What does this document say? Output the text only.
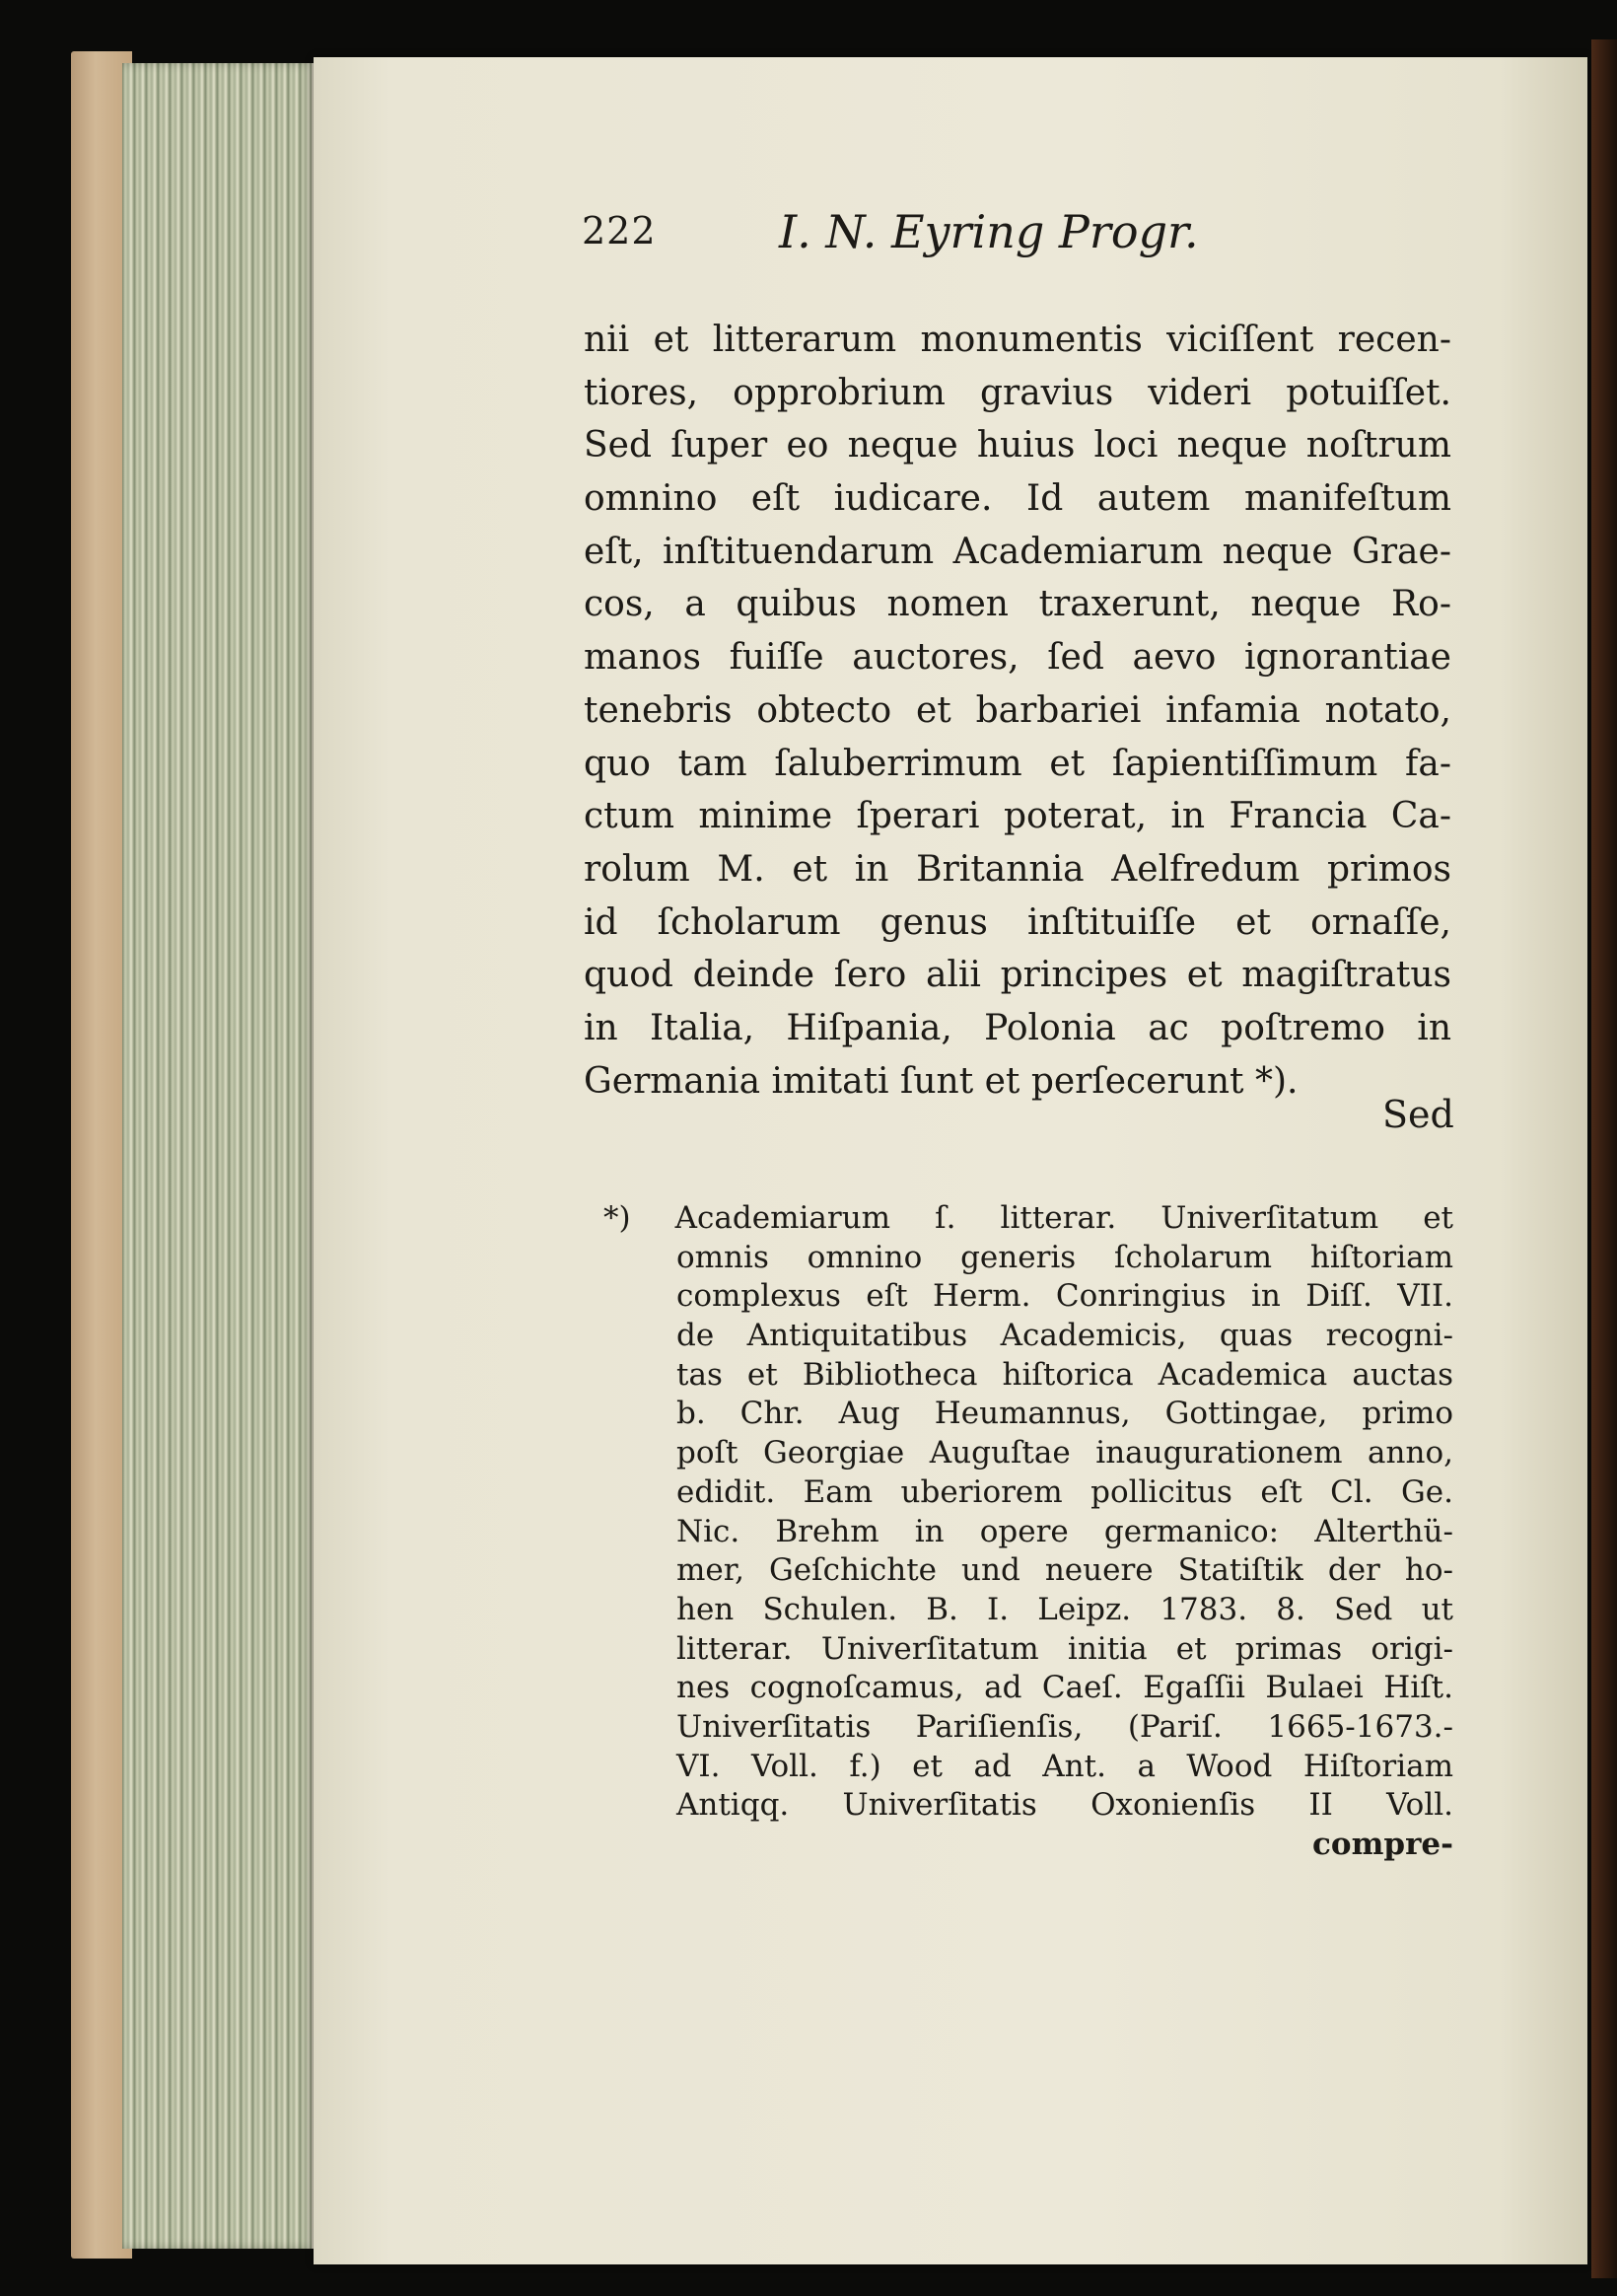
222	I. N. Eyring Progr.
nii et litterarum monumentis viciſſent recen-
tiores, opprobrium gravius videri potuiſſet.
Sed ſuper eo neque huius loci neque noſtrum
omnino eſt iudicare. Id autem manifeſtum
eſt, inſtituendarum Academiarum neque Grae-
cos, a quibus nomen traxerunt, neque Ro-
manos fuiſſe auctores, ſed aevo ignorantiae
tenebris obtecto et barbariei infamia notato,
quo tam ſaluberrimum et ſapientiſſimum fa-
ctum minime ſperari poterat, in Francia Ca-
rolum M. et in Britannia Aelfredum primos
id ſcholarum genus inſtituiſſe et ornaſſe,
quod deinde ſero alii principes et magiſtratus
in Italia, Hiſpania, Polonia ac poſtremo in
Germania imitati ſunt et perſecerunt *).
Sed
*) Academiarum ſ. litterar. Univerſitatum et
omnis omnino generis ſcholarum hiſtoriam
complexus eſt Herm. Conringius in Diſſ. VII.
de Antiquitatibus Academicis, quas recogni-
tas et Bibliotheca hiſtorica Academica auctas
b. Chr. Aug Heumannus, Gottingae, primo
poſt Georgiae Auguſtae inaugurationem anno,
edidit. Eam uberiorem pollicitus eſt Cl. Ge.
Nic. Brehm in opere germanico: Alterthü-
mer, Geſchichte und neuere Statiſtik der ho-
hen Schulen. B. I. Leipz. 1783. 8. Sed ut
litterar. Univerſitatum initia et primas origi-
nes cognoſcamus, ad Caeſ. Egaſſii Bulaei Hiſt.
Univerſitatis Pariſienſis, (Pariſ. 1665-1673.-
VI. Voll. f.) et ad Ant. a Wood Hiſtoriam
Antiqq. Univerſitatis Oxonienſis II Voll.
compre-
